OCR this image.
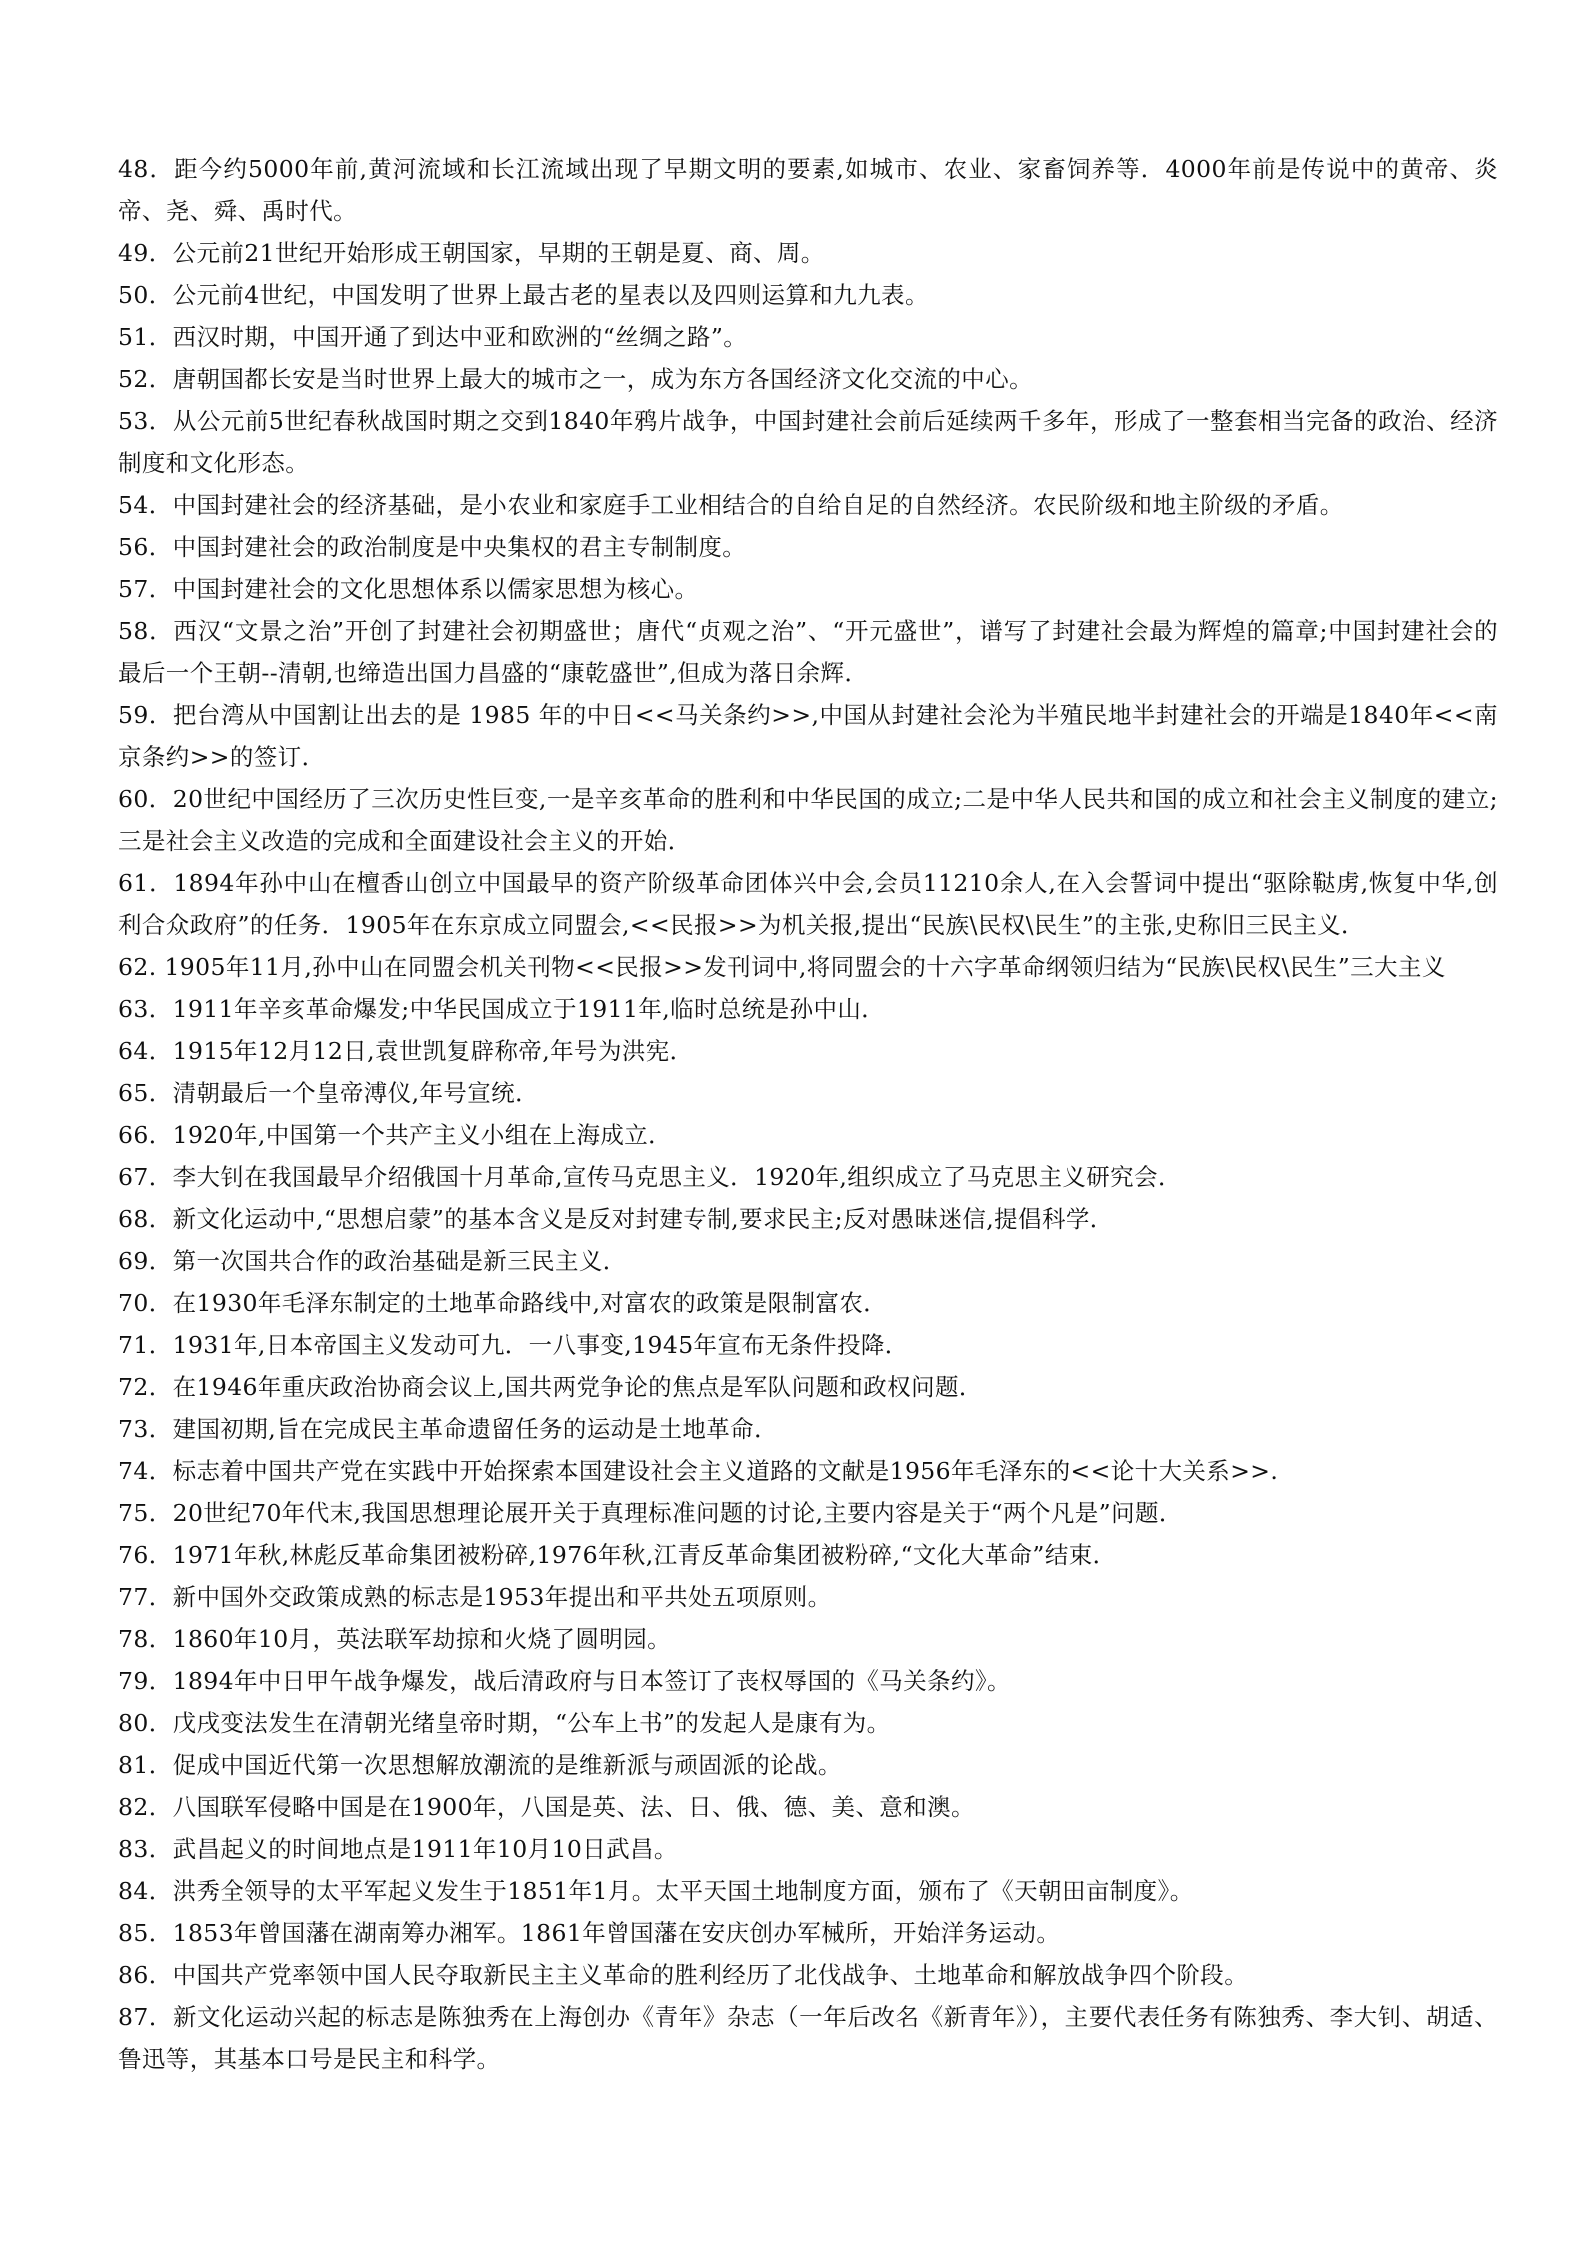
48．距今约5000年前,黄河流域和长江流域出现了早期文明的要素,如城市、农业、家畜饲养等．4000年前是传说中的黄帝、炎帝、尧、舜、禹时代。

49．公元前21世纪开始形成王朝国家，早期的王朝是夏、商、周。

50．公元前4世纪，中国发明了世界上最古老的星表以及四则运算和九九表。

51．西汉时期，中国开通了到达中亚和欧洲的“丝绸之路”。

52．唐朝国都长安是当时世界上最大的城市之一，成为东方各国经济文化交流的中心。

53．从公元前5世纪春秋战国时期之交到1840年鸦片战争，中国封建社会前后延续两千多年，形成了一整套相当完备的政治、经济制度和文化形态。

54．中国封建社会的经济基础，是小农业和家庭手工业相结合的自给自足的自然经济。农民阶级和地主阶级的矛盾。

56．中国封建社会的政治制度是中央集权的君主专制制度。

57．中国封建社会的文化思想体系以儒家思想为核心。

58．西汉“文景之治”开创了封建社会初期盛世；唐代“贞观之治”、“开元盛世”，谱写了封建社会最为辉煌的篇章;中国封建社会的最后一个王朝--清朝,也缔造出国力昌盛的“康乾盛世”,但成为落日余辉．

59．把台湾从中国割让出去的是 1985 年的中日<<马关条约>>,中国从封建社会沦为半殖民地半封建社会的开端是1840年<<南京条约>>的签订．

60．20世纪中国经历了三次历史性巨变,一是辛亥革命的胜利和中华民国的成立;二是中华人民共和国的成立和社会主义制度的建立;三是社会主义改造的完成和全面建设社会主义的开始．

61．1894年孙中山在檀香山创立中国最早的资产阶级革命团体兴中会,会员11210余人,在入会誓词中提出“驱除鞑虏,恢复中华,创利合众政府”的任务．1905年在东京成立同盟会,<<民报>>为机关报,提出“民族\民权\民生”的主张,史称旧三民主义．

62. 1905年11月,孙中山在同盟会机关刊物<<民报>>发刊词中,将同盟会的十六字革命纲领归结为“民族\民权\民生”三大主义

63．1911年辛亥革命爆发;中华民国成立于1911年,临时总统是孙中山．

64．1915年12月12日,袁世凯复辟称帝,年号为洪宪．

65．清朝最后一个皇帝溥仪,年号宣统．

66．1920年,中国第一个共产主义小组在上海成立．

67．李大钊在我国最早介绍俄国十月革命,宣传马克思主义．1920年,组织成立了马克思主义研究会．

68．新文化运动中,“思想启蒙”的基本含义是反对封建专制,要求民主;反对愚昧迷信,提倡科学．

69．第一次国共合作的政治基础是新三民主义．

70．在1930年毛泽东制定的土地革命路线中,对富农的政策是限制富农．

71．1931年,日本帝国主义发动可九．一八事变,1945年宣布无条件投降．

72．在1946年重庆政治协商会议上,国共两党争论的焦点是军队问题和政权问题．

73．建国初期,旨在完成民主革命遗留任务的运动是土地革命．

74．标志着中国共产党在实践中开始探索本国建设社会主义道路的文献是1956年毛泽东的<<论十大关系>>.

75．20世纪70年代末,我国思想理论展开关于真理标准问题的讨论,主要内容是关于“两个凡是”问题．

76．1971年秋,林彪反革命集团被粉碎,1976年秋,江青反革命集团被粉碎,“文化大革命”结束．

77．新中国外交政策成熟的标志是1953年提出和平共处五项原则。

78．1860年10月，英法联军劫掠和火烧了圆明园。

79．1894年中日甲午战争爆发，战后清政府与日本签订了丧权辱国的《马关条约》。

80．戊戌变法发生在清朝光绪皇帝时期，“公车上书”的发起人是康有为。

81．促成中国近代第一次思想解放潮流的是维新派与顽固派的论战。

82．八国联军侵略中国是在1900年，八国是英、法、日、俄、德、美、意和澳。

83．武昌起义的时间地点是1911年10月10日武昌。

84．洪秀全领导的太平军起义发生于1851年1月。太平天国土地制度方面，颁布了《天朝田亩制度》。

85．1853年曾国藩在湖南筹办湘军。1861年曾国藩在安庆创办军械所，开始洋务运动。

86．中国共产党率领中国人民夺取新民主主义革命的胜利经历了北伐战争、土地革命和解放战争四个阶段。

87．新文化运动兴起的标志是陈独秀在上海创办《青年》杂志（一年后改名《新青年》），主要代表任务有陈独秀、李大钊、胡适、鲁迅等，其基本口号是民主和科学。
